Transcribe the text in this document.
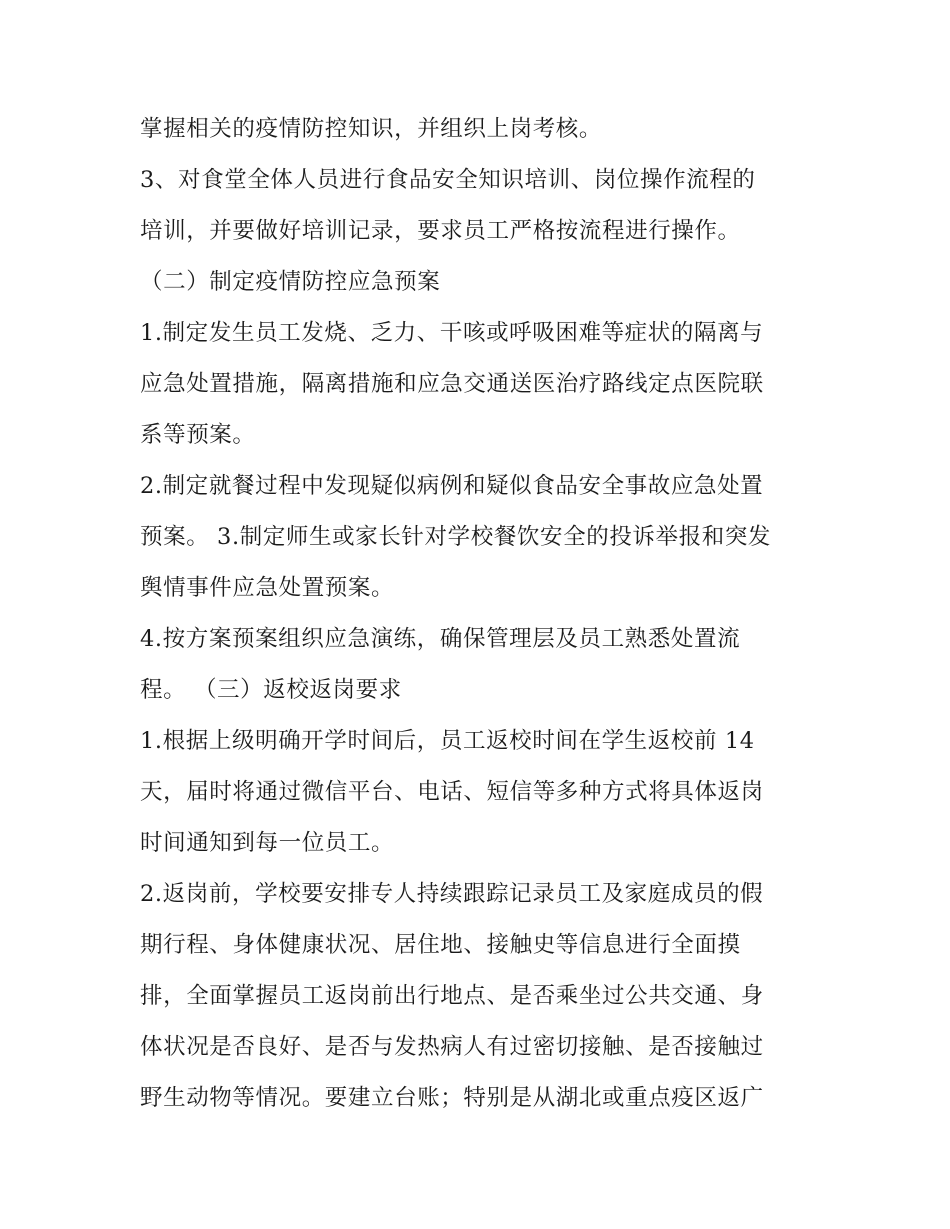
掌握相关的疫情防控知识，并组织上岗考核。
3、对食堂全体人员进行食品安全知识培训、岗位操作流程的
培训，并要做好培训记录，要求员工严格按流程进行操作。
（二）制定疫情防控应急预案
1.制定发生员工发烧、乏力、干咳或呼吸困难等症状的隔离与
应急处置措施，隔离措施和应急交通送医治疗路线定点医院联
系等预案。
2.制定就餐过程中发现疑似病例和疑似食品安全事故应急处置
预案。 3.制定师生或家长针对学校餐饮安全的投诉举报和突发
舆情事件应急处置预案。
4.按方案预案组织应急演练，确保管理层及员工熟悉处置流
程。 （三）返校返岗要求
1.根据上级明确开学时间后，员工返校时间在学生返校前 14
天，届时将通过微信平台、电话、短信等多种方式将具体返岗
时间通知到每一位员工。
2.返岗前，学校要安排专人持续跟踪记录员工及家庭成员的假
期行程、身体健康状况、居住地、接触史等信息进行全面摸
排，全面掌握员工返岗前出行地点、是否乘坐过公共交通、身
体状况是否良好、是否与发热病人有过密切接触、是否接触过
野生动物等情况。要建立台账；特别是从湖北或重点疫区返广
